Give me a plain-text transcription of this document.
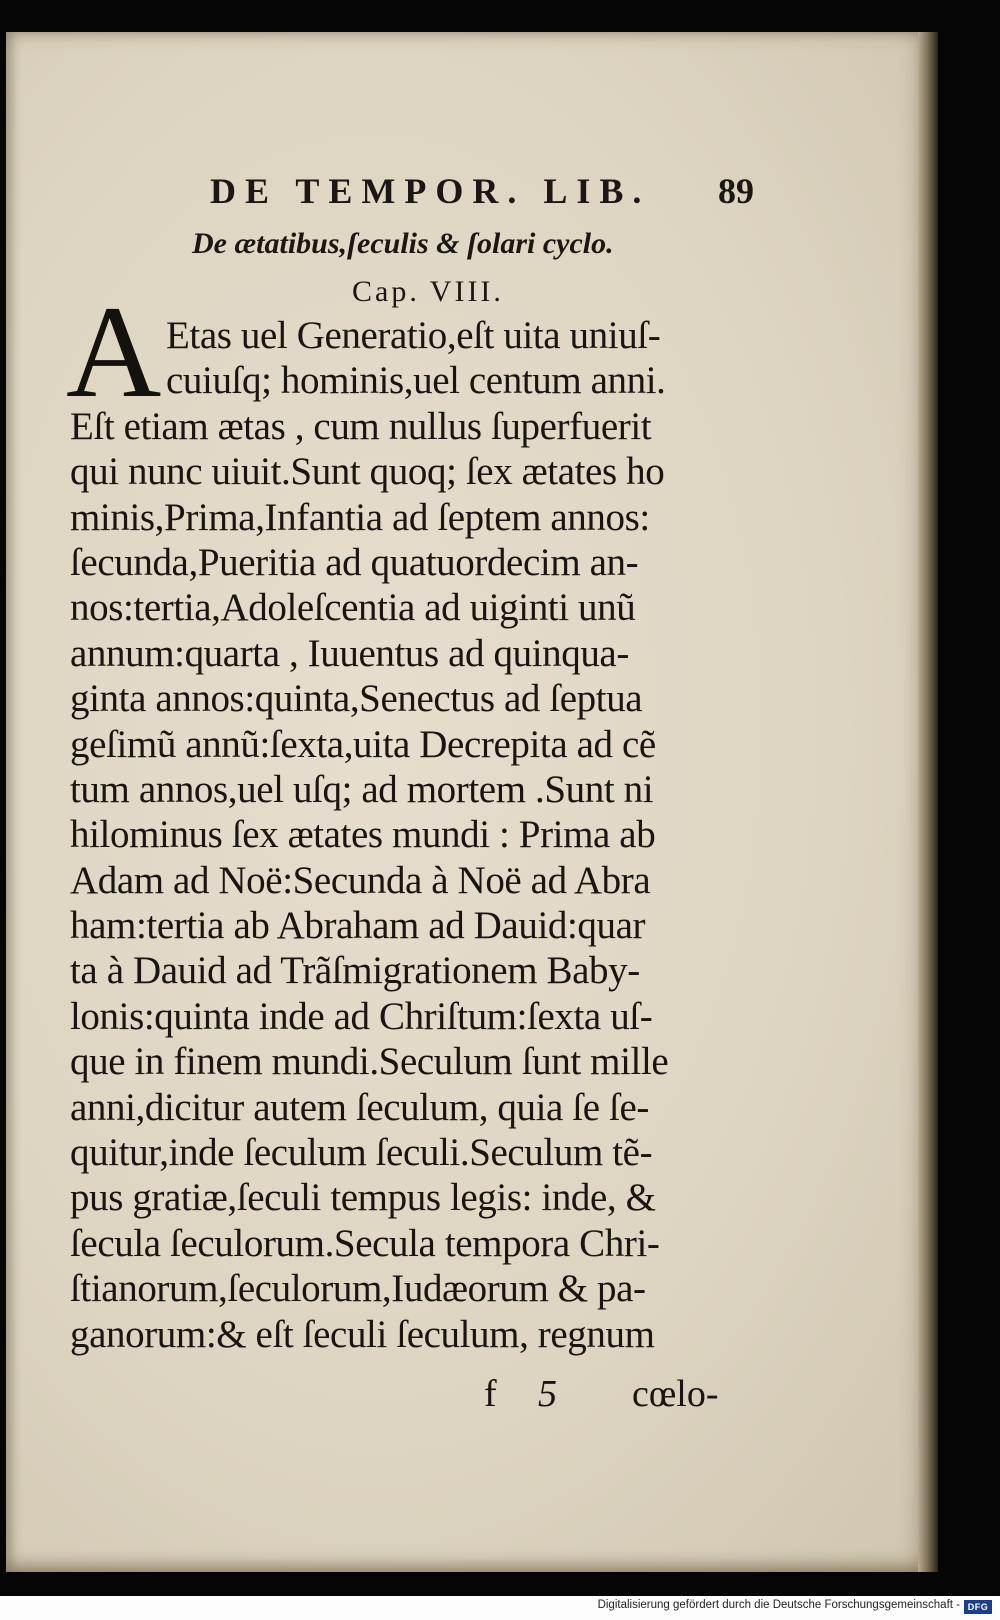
DE TEMPOR. LIB. 89
De ætatibus,ſeculis & ſolari cyclo.
Cap. VIII.
A Etas uel Generatio,eſt uita uniuſ-
cuiuſq; hominis,uel centum anni.
Eſt etiam ætas , cum nullus ſuperfuerit
qui nunc uiuit.Sunt quoq; ſex ætates ho
minis,Prima,Infantia ad ſeptem annos:
ſecunda,Pueritia ad quatuordecim an-
nos:tertia,Adoleſcentia ad uiginti unũ
annum:quarta , Iuuentus ad quinqua-
ginta annos:quinta,Senectus ad ſeptua
geſimũ annũ:ſexta,uita Decrepita ad cẽ
tum annos,uel uſq; ad mortem .Sunt ni
hilominus ſex ætates mundi : Prima ab
Adam ad Noë:Secunda à Noë ad Abra
ham:tertia ab Abraham ad Dauid:quar
ta à Dauid ad Trãſmigrationem Baby-
lonis:quinta inde ad Chriſtum:ſexta uſ-
que in finem mundi.Seculum ſunt mille
anni,dicitur autem ſeculum, quia ſe ſe-
quitur,inde ſeculum ſeculi.Seculum tẽ-
pus gratiæ,ſeculi tempus legis: inde, &
ſecula ſeculorum.Secula tempora Chri-
ſtianorum,ſeculorum,Iudæorum & pa-
ganorum:& eſt ſeculi ſeculum, regnum
f 5 cœlo-
Digitalisierung gefördert durch die Deutsche Forschungsgemeinschaft - DFG
